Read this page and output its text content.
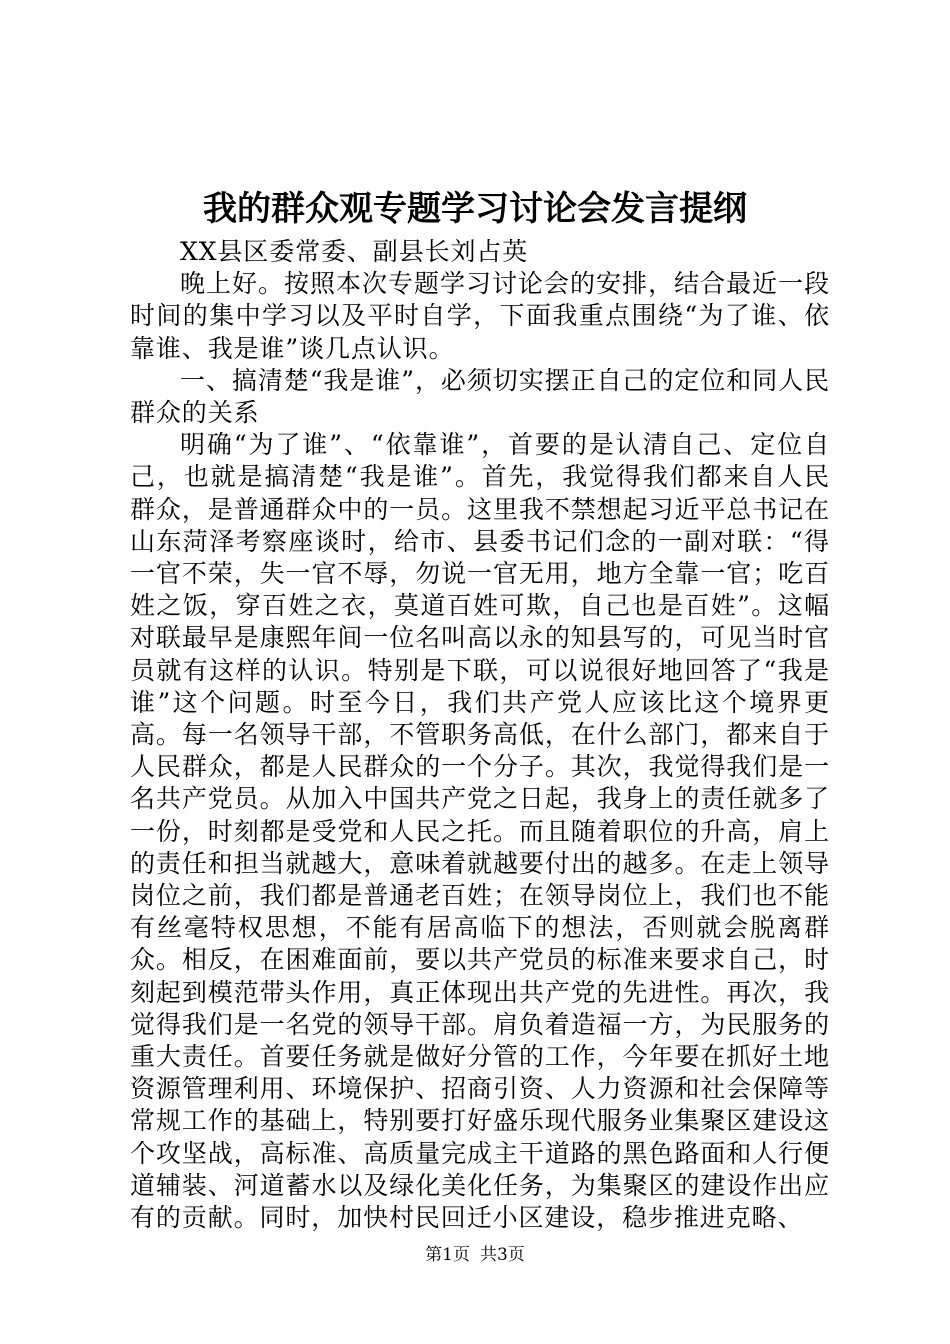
我的群众观专题学习讨论会发言提纲

XX县区委常委、副县长刘占英

晚上好。按照本次专题学习讨论会的安排，结合最近一段时间的集中学习以及平时自学，下面我重点围绕“为了谁、依靠谁、我是谁”谈几点认识。

一、搞清楚“我是谁”，必须切实摆正自己的定位和同人民群众的关系

明确“为了谁”、“依靠谁”，首要的是认清自己、定位自己，也就是搞清楚“我是谁”。首先，我觉得我们都来自人民群众，是普通群众中的一员。这里我不禁想起习近平总书记在山东菏泽考察座谈时，给市、县委书记们念的一副对联：“得一官不荣，失一官不辱，勿说一官无用，地方全靠一官；吃百姓之饭，穿百姓之衣，莫道百姓可欺，自己也是百姓”。这幅对联最早是康熙年间一位名叫高以永的知县写的，可见当时官员就有这样的认识。特别是下联，可以说很好地回答了“我是谁”这个问题。时至今日，我们共产党人应该比这个境界更高。每一名领导干部，不管职务高低，在什么部门，都来自于人民群众，都是人民群众的一个分子。其次，我觉得我们是一名共产党员。从加入中国共产党之日起，我身上的责任就多了一份，时刻都是受党和人民之托。而且随着职位的升高，肩上的责任和担当就越大，意味着就越要付出的越多。在走上领导岗位之前，我们都是普通老百姓；在领导岗位上，我们也不能有丝毫特权思想，不能有居高临下的想法，否则就会脱离群众。相反，在困难面前，要以共产党员的标准来要求自己，时刻起到模范带头作用，真正体现出共产党的先进性。再次，我觉得我们是一名党的领导干部。肩负着造福一方，为民服务的重大责任。首要任务就是做好分管的工作，今年要在抓好土地资源管理利用、环境保护、招商引资、人力资源和社会保障等常规工作的基础上，特别要打好盛乐现代服务业集聚区建设这个攻坚战，高标准、高质量完成主干道路的黑色路面和人行便道辅装、河道蓄水以及绿化美化任务，为集聚区的建设作出应有的贡献。同时，加快村民回迁小区建设，稳步推进克略、

第1页 共3页
